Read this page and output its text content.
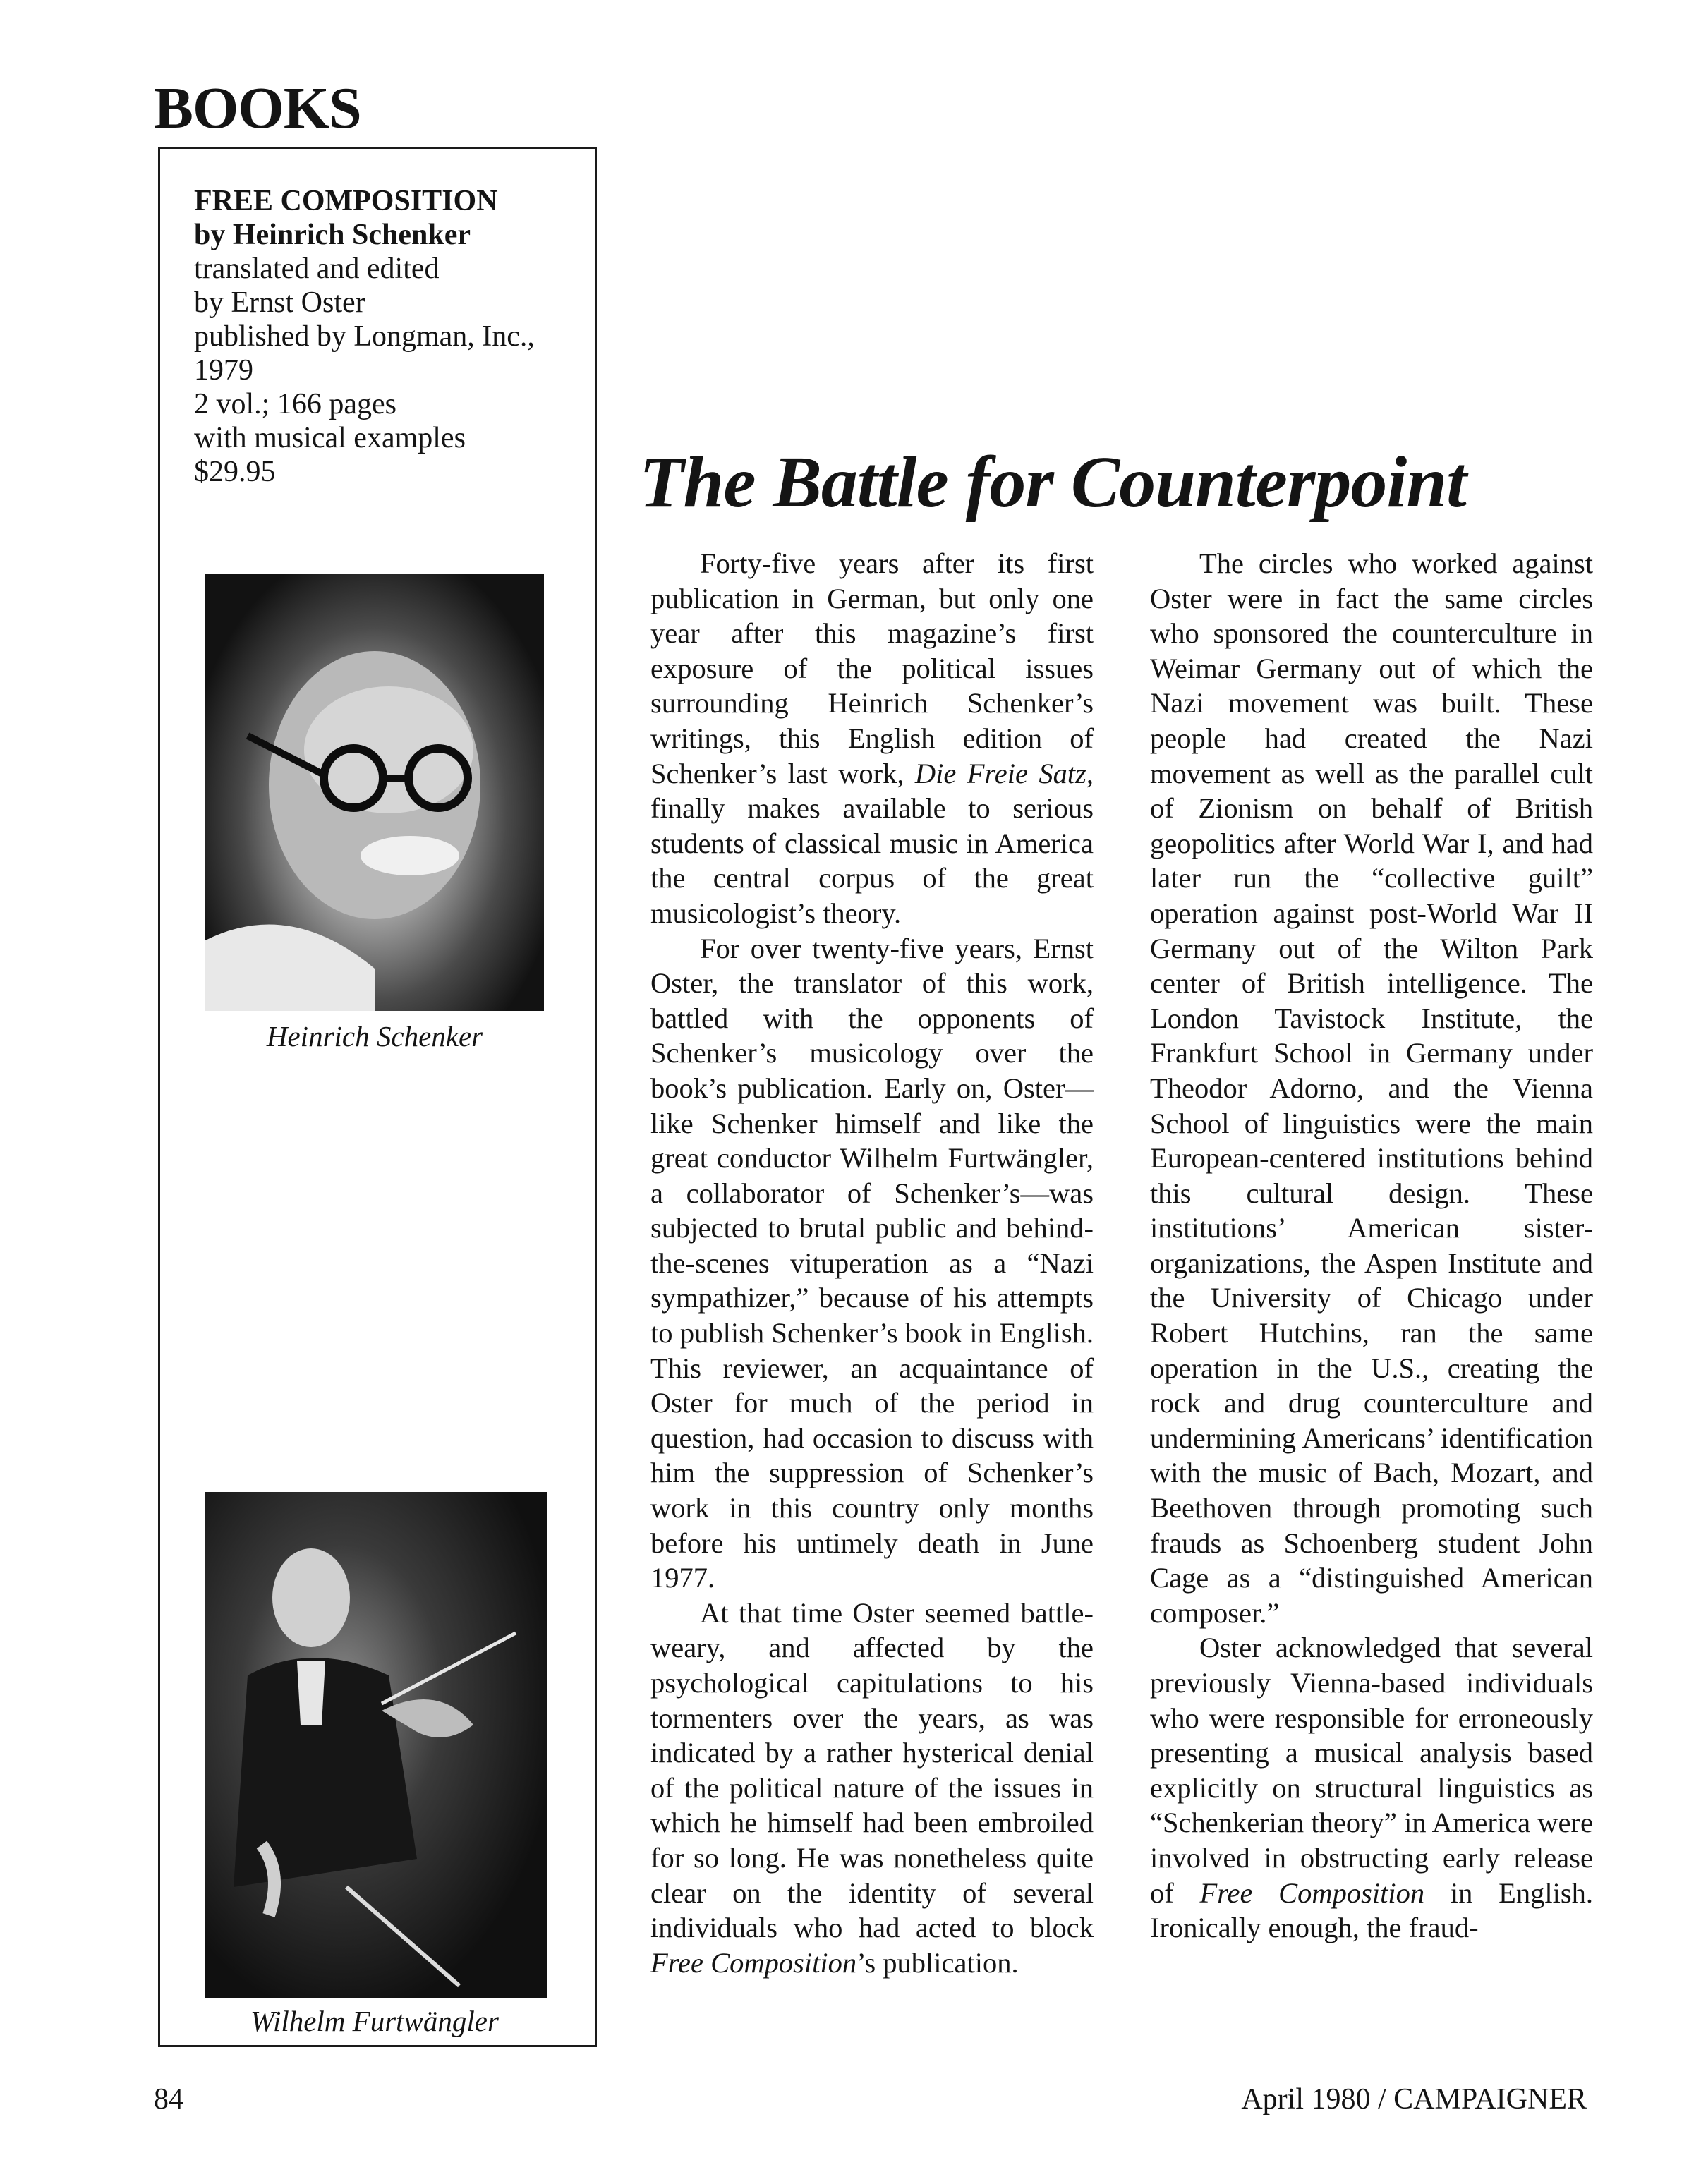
BOOKS
FREE COMPOSITION
by Heinrich Schenker
translated and edited
by Ernst Oster
published by Longman, Inc.,
1979
2 vol.; 166 pages
with musical examples
$29.95
Heinrich Schenker
Wilhelm Furtwängler
The Battle for Counterpoint

Forty-five years after its first publication in German, but only one year after this magazine’s first exposure of the political issues surrounding Heinrich Schenker’s writings, this English edition of Schenker’s last work, Die Freie Satz, finally makes available to serious students of classical music in America the central corpus of the great musicologist’s theory.

For over twenty-five years, Ernst Oster, the translator of this work, battled with the opponents of Schenker’s musicology over the book’s publication. Early on, Oster—like Schenker himself and like the great conductor Wilhelm Furtwängler, a collaborator of Schenker’s—was subjected to brutal public and behind-the-scenes vituperation as a “Nazi sympathizer,” because of his attempts to publish Schenker’s book in English. This reviewer, an acquaintance of Oster for much of the period in question, had occasion to discuss with him the suppression of Schenker’s work in this country only months before his untimely death in June 1977.

At that time Oster seemed battle-weary, and affected by the psychological capitulations to his tormenters over the years, as was indicated by a rather hysterical denial of the political nature of the issues in which he himself had been embroiled for so long. He was nonetheless quite clear on the identity of several individuals who had acted to block Free Composition’s publication.

The circles who worked against Oster were in fact the same circles who sponsored the counterculture in Weimar Germany out of which the Nazi movement was built. These people had created the Nazi movement as well as the parallel cult of Zionism on behalf of British geopolitics after World War I, and had later run the “collective guilt” operation against post-World War II Germany out of the Wilton Park center of British intelligence. The London Tavistock Institute, the Frankfurt School in Germany under Theodor Adorno, and the Vienna School of linguistics were the main European-centered institutions behind this cultural design. These institutions’ American sister-organizations, the Aspen Institute and the University of Chicago under Robert Hutchins, ran the same operation in the U.S., creating the rock and drug counterculture and undermining Americans’ identification with the music of Bach, Mozart, and Beethoven through promoting such frauds as Schoenberg student John Cage as a “distinguished American composer.”

Oster acknowledged that several previously Vienna-based individuals who were responsible for erroneously presenting a musical analysis based explicitly on structural linguistics as “Schenkerian theory” in America were involved in obstructing early release of Free Composition in English. Ironically enough, the fraud-

84	April 1980 / CAMPAIGNER
